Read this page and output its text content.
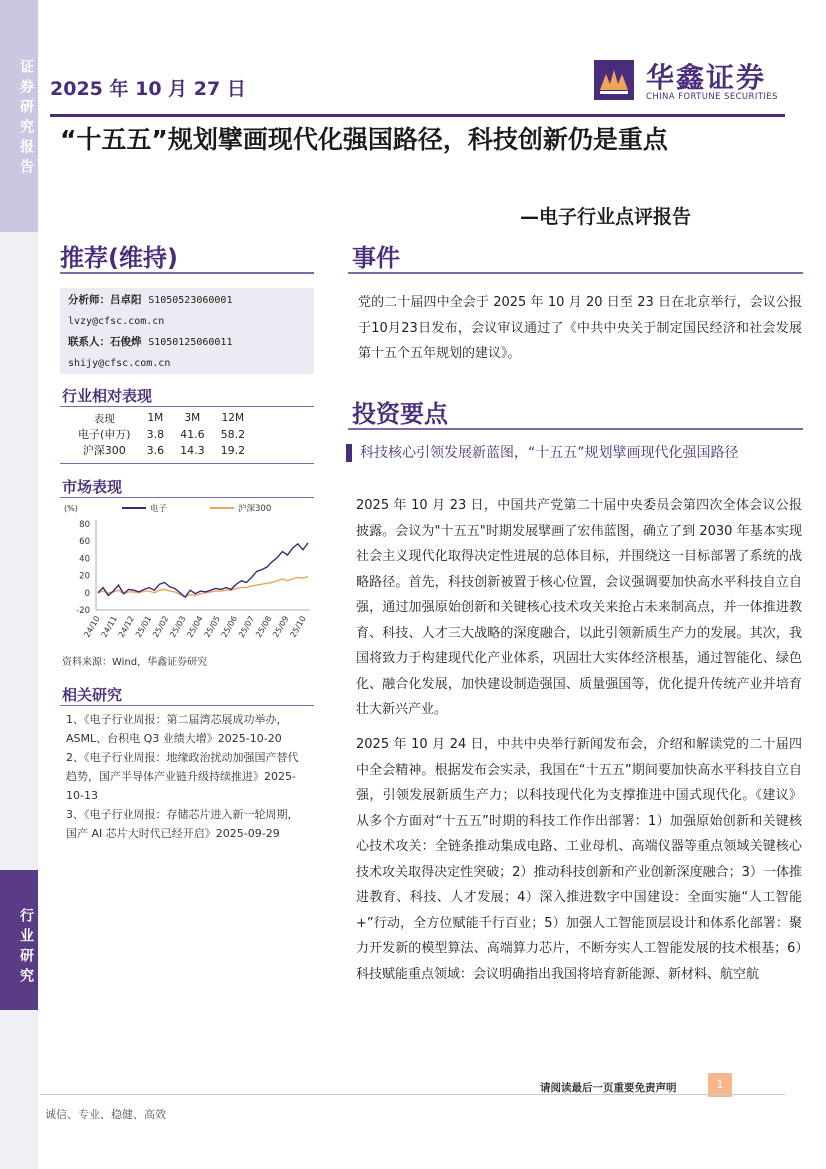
证券研究报告
行业研究
2025 年 10 月 27 日	华鑫证券
CHINA FORTUNE SECURITIES
“十五五”规划擘画现代化强国路径，科技创新仍是重点
—电子行业点评报告
推荐(维持)
分析师：吕卓阳 S1050523060001
lvzy@cfsc.com.cn
联系人：石俊烨 S1050125060011
shijy@cfsc.com.cn
行业相对表现
表现	1M	3M	12M
电子(申万)	3.8	41.6	58.2
沪深300	3.6	14.3	19.2
市场表现
(%)
80
60
40
20
0
-20
24/10
24/11
24/12
25/01
25/02
25/03
25/04
25/05
25/06
25/07
25/08
25/09
25/10
电子	沪深300
资料来源：Wind，华鑫证券研究
相关研究
1、《电子行业周报：第二届湾芯展成功举办，ASML、台积电 Q3 业绩大增》2025-10-20
2、《电子行业周报：地缘政治扰动加强国产替代趋势，国产半导体产业链升级持续推进》2025-10-13
3、《电子行业周报：存储芯片进入新一轮周期，国产 AI 芯片大时代已经开启》2025-09-29
事件
党的二十届四中全会于 2025 年 10 月 20 日至 23 日在北京举行，会议公报于10月23日发布，会议审议通过了《中共中央关于制定国民经济和社会发展第十五个五年规划的建议》。
投资要点
科技核心引领发展新蓝图，“十五五”规划擘画现代化强国路径
2025 年 10 月 23 日，中国共产党第二十届中央委员会第四次全体会议公报披露。会议为"十五五"时期发展擘画了宏伟蓝图，确立了到 2030 年基本实现社会主义现代化取得决定性进展的总体目标，并围绕这一目标部署了系统的战略路径。首先，科技创新被置于核心位置，会议强调要加快高水平科技自立自强，通过加强原始创新和关键核心技术攻关来抢占未来制高点，并一体推进教育、科技、人才三大战略的深度融合，以此引领新质生产力的发展。其次，我国将致力于构建现代化产业体系，巩固壮大实体经济根基，通过智能化、绿色化、融合化发展，加快建设制造强国、质量强国等，优化提升传统产业并培育壮大新兴产业。
2025 年 10 月 24 日，中共中央举行新闻发布会，介绍和解读党的二十届四中全会精神。根据发布会实录，我国在“十五五”期间要加快高水平科技自立自强，引领发展新质生产力；以科技现代化为支撑推进中国式现代化。《建议》从多个方面对“十五五”时期的科技工作作出部署：1）加强原始创新和关键核心技术攻关：全链条推动集成电路、工业母机、高端仪器等重点领域关键核心技术攻关取得决定性突破；2）推动科技创新和产业创新深度融合；3）一体推进教育、科技、人才发展；4）深入推进数字中国建设：全面实施“人工智能+”行动，全方位赋能千行百业；5）加强人工智能顶层设计和体系化部署：聚力开发新的模型算法、高端算力芯片，不断夯实人工智能发展的技术根基；6）科技赋能重点领域：会议明确指出我国将培育新能源、新材料、航空航
请阅读最后一页重要免责声明	1
诚信、专业、稳健、高效
